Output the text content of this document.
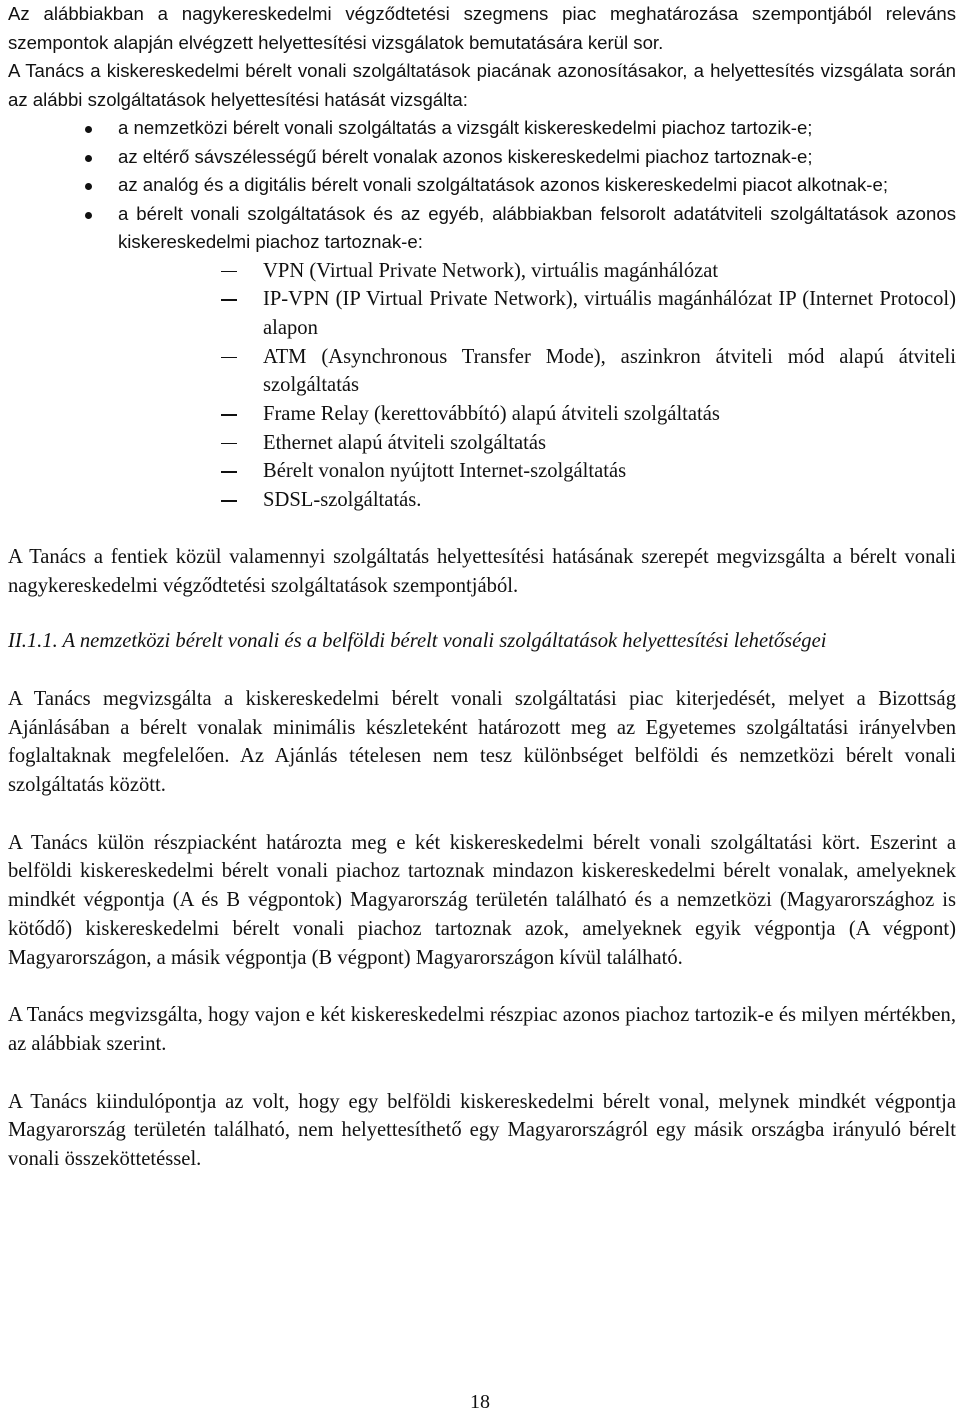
Az alábbiakban a nagykereskedelmi végződtetési szegmens piac meghatározása szempontjából releváns szempontok alapján elvégzett helyettesítési vizsgálatok bemutatására kerül sor.

A Tanács a kiskereskedelmi bérelt vonali szolgáltatások piacának azonosításakor, a helyettesítés vizsgálata során az alábbi szolgáltatások helyettesítési hatását vizsgálta:

a nemzetközi bérelt vonali szolgáltatás a vizsgált kiskereskedelmi piachoz tartozik-e;
az eltérő sávszélességű bérelt vonalak azonos kiskereskedelmi piachoz tartoznak-e;
az analóg és a digitális bérelt vonali szolgáltatások azonos kiskereskedelmi piacot alkotnak-e;
a bérelt vonali szolgáltatások és az egyéb, alábbiakban felsorolt adatátviteli szolgáltatások azonos kiskereskedelmi piachoz tartoznak-e:
VPN (Virtual Private Network), virtuális magánhálózat
IP-VPN (IP Virtual Private Network), virtuális magánhálózat IP (Internet Protocol) alapon
ATM (Asynchronous Transfer Mode), aszinkron átviteli mód alapú átviteli szolgáltatás
Frame Relay (kerettovábbító) alapú átviteli szolgáltatás
Ethernet alapú átviteli szolgáltatás
Bérelt vonalon nyújtott Internet-szolgáltatás
SDSL-szolgáltatás.

A Tanács a fentiek közül valamennyi szolgáltatás helyettesítési hatásának szerepét megvizsgálta a bérelt vonali nagykereskedelmi végződtetési szolgáltatások szempontjából.

II.1.1. A nemzetközi bérelt vonali és a belföldi bérelt vonali szolgáltatások helyettesítési lehetőségei

A Tanács megvizsgálta a kiskereskedelmi bérelt vonali szolgáltatási piac kiterjedését, melyet a Bizottság Ajánlásában a bérelt vonalak minimális készleteként határozott meg az Egyetemes szolgáltatási irányelvben foglaltaknak megfelelően. Az Ajánlás tételesen nem tesz különbséget belföldi és nemzetközi bérelt vonali szolgáltatás között.

A Tanács külön részpiacként határozta meg e két kiskereskedelmi bérelt vonali szolgáltatási kört. Eszerint a belföldi kiskereskedelmi bérelt vonali piachoz tartoznak mindazon kiskereskedelmi bérelt vonalak, amelyeknek mindkét végpontja (A és B végpontok) Magyarország területén található és a nemzetközi (Magyarországhoz is kötődő) kiskereskedelmi bérelt vonali piachoz tartoznak azok, amelyeknek egyik végpontja (A végpont) Magyarországon, a másik végpontja (B végpont) Magyarországon kívül található.

A Tanács megvizsgálta, hogy vajon e két kiskereskedelmi részpiac azonos piachoz tartozik-e és milyen mértékben, az alábbiak szerint.

A Tanács kiindulópontja az volt, hogy egy belföldi kiskereskedelmi bérelt vonal, melynek mindkét végpontja Magyarország területén található, nem helyettesíthető egy Magyarországról egy másik országba irányuló bérelt vonali összeköttetéssel.

18
